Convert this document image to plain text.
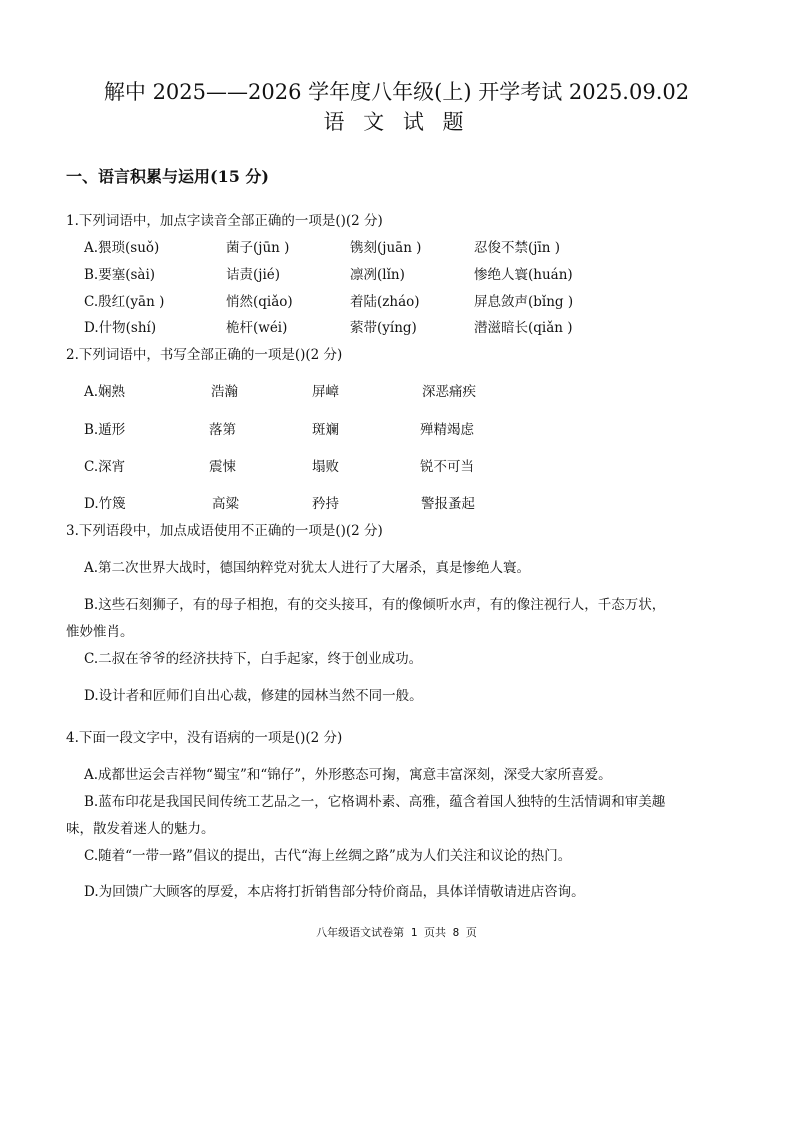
解中 2025——2026 学年度八年级(上) 开学考试 2025.09.02
语 文 试 题
一、语言积累与运用(15 分)
1.下列词语中，加点字读音全部正确的一项是()(2 分)
A.猥琐(suǒ)	菌子(jūn )	镌刻(juān )	忍俊不禁(jīn )
B.要塞(sài)	诘责(jié)	凛冽(lǐn)	惨绝人寰(huán)
C.殷红(yān )	悄然(qiǎo)	着陆(zháo)	屏息敛声(bǐng )
D.什物(shí)	桅杆(wéi)	萦带(yíng)	潜滋暗长(qiǎn )
2.下列词语中，书写全部正确的一项是()(2 分)
A.娴熟	浩瀚	屏嶂	深恶痛疾
B.遁形	落第	斑斓	殚精竭虑
C.深宵	震悚	塌败	锐不可当
D.竹篾	高粱	矜持	警报蚤起
3.下列语段中，加点成语使用不正确的一项是()(2 分)
A.第二次世界大战时，德国纳粹党对犹太人进行了大屠杀，真是惨绝人寰。
B.这些石刻狮子，有的母子相抱，有的交头接耳，有的像倾听水声，有的像注视行人，千态万状，
惟妙惟肖。
C.二叔在爷爷的经济扶持下，白手起家，终于创业成功。
D.设计者和匠师们自出心裁，修建的园林当然不同一般。
4.下面一段文字中，没有语病的一项是()(2 分)
A.成都世运会吉祥物“蜀宝”和“锦仔”，外形憨态可掬，寓意丰富深刻，深受大家所喜爱。
B.蓝布印花是我国民间传统工艺品之一，它格调朴素、高雅，蕴含着国人独特的生活情调和审美趣
味，散发着迷人的魅力。
C.随着“一带一路”倡议的提出，古代“海上丝绸之路”成为人们关注和议论的热门。
D.为回馈广大顾客的厚爱，本店将打折销售部分特价商品，具体详情敬请进店咨询。
八年级语文试卷第 1 页共 8 页
